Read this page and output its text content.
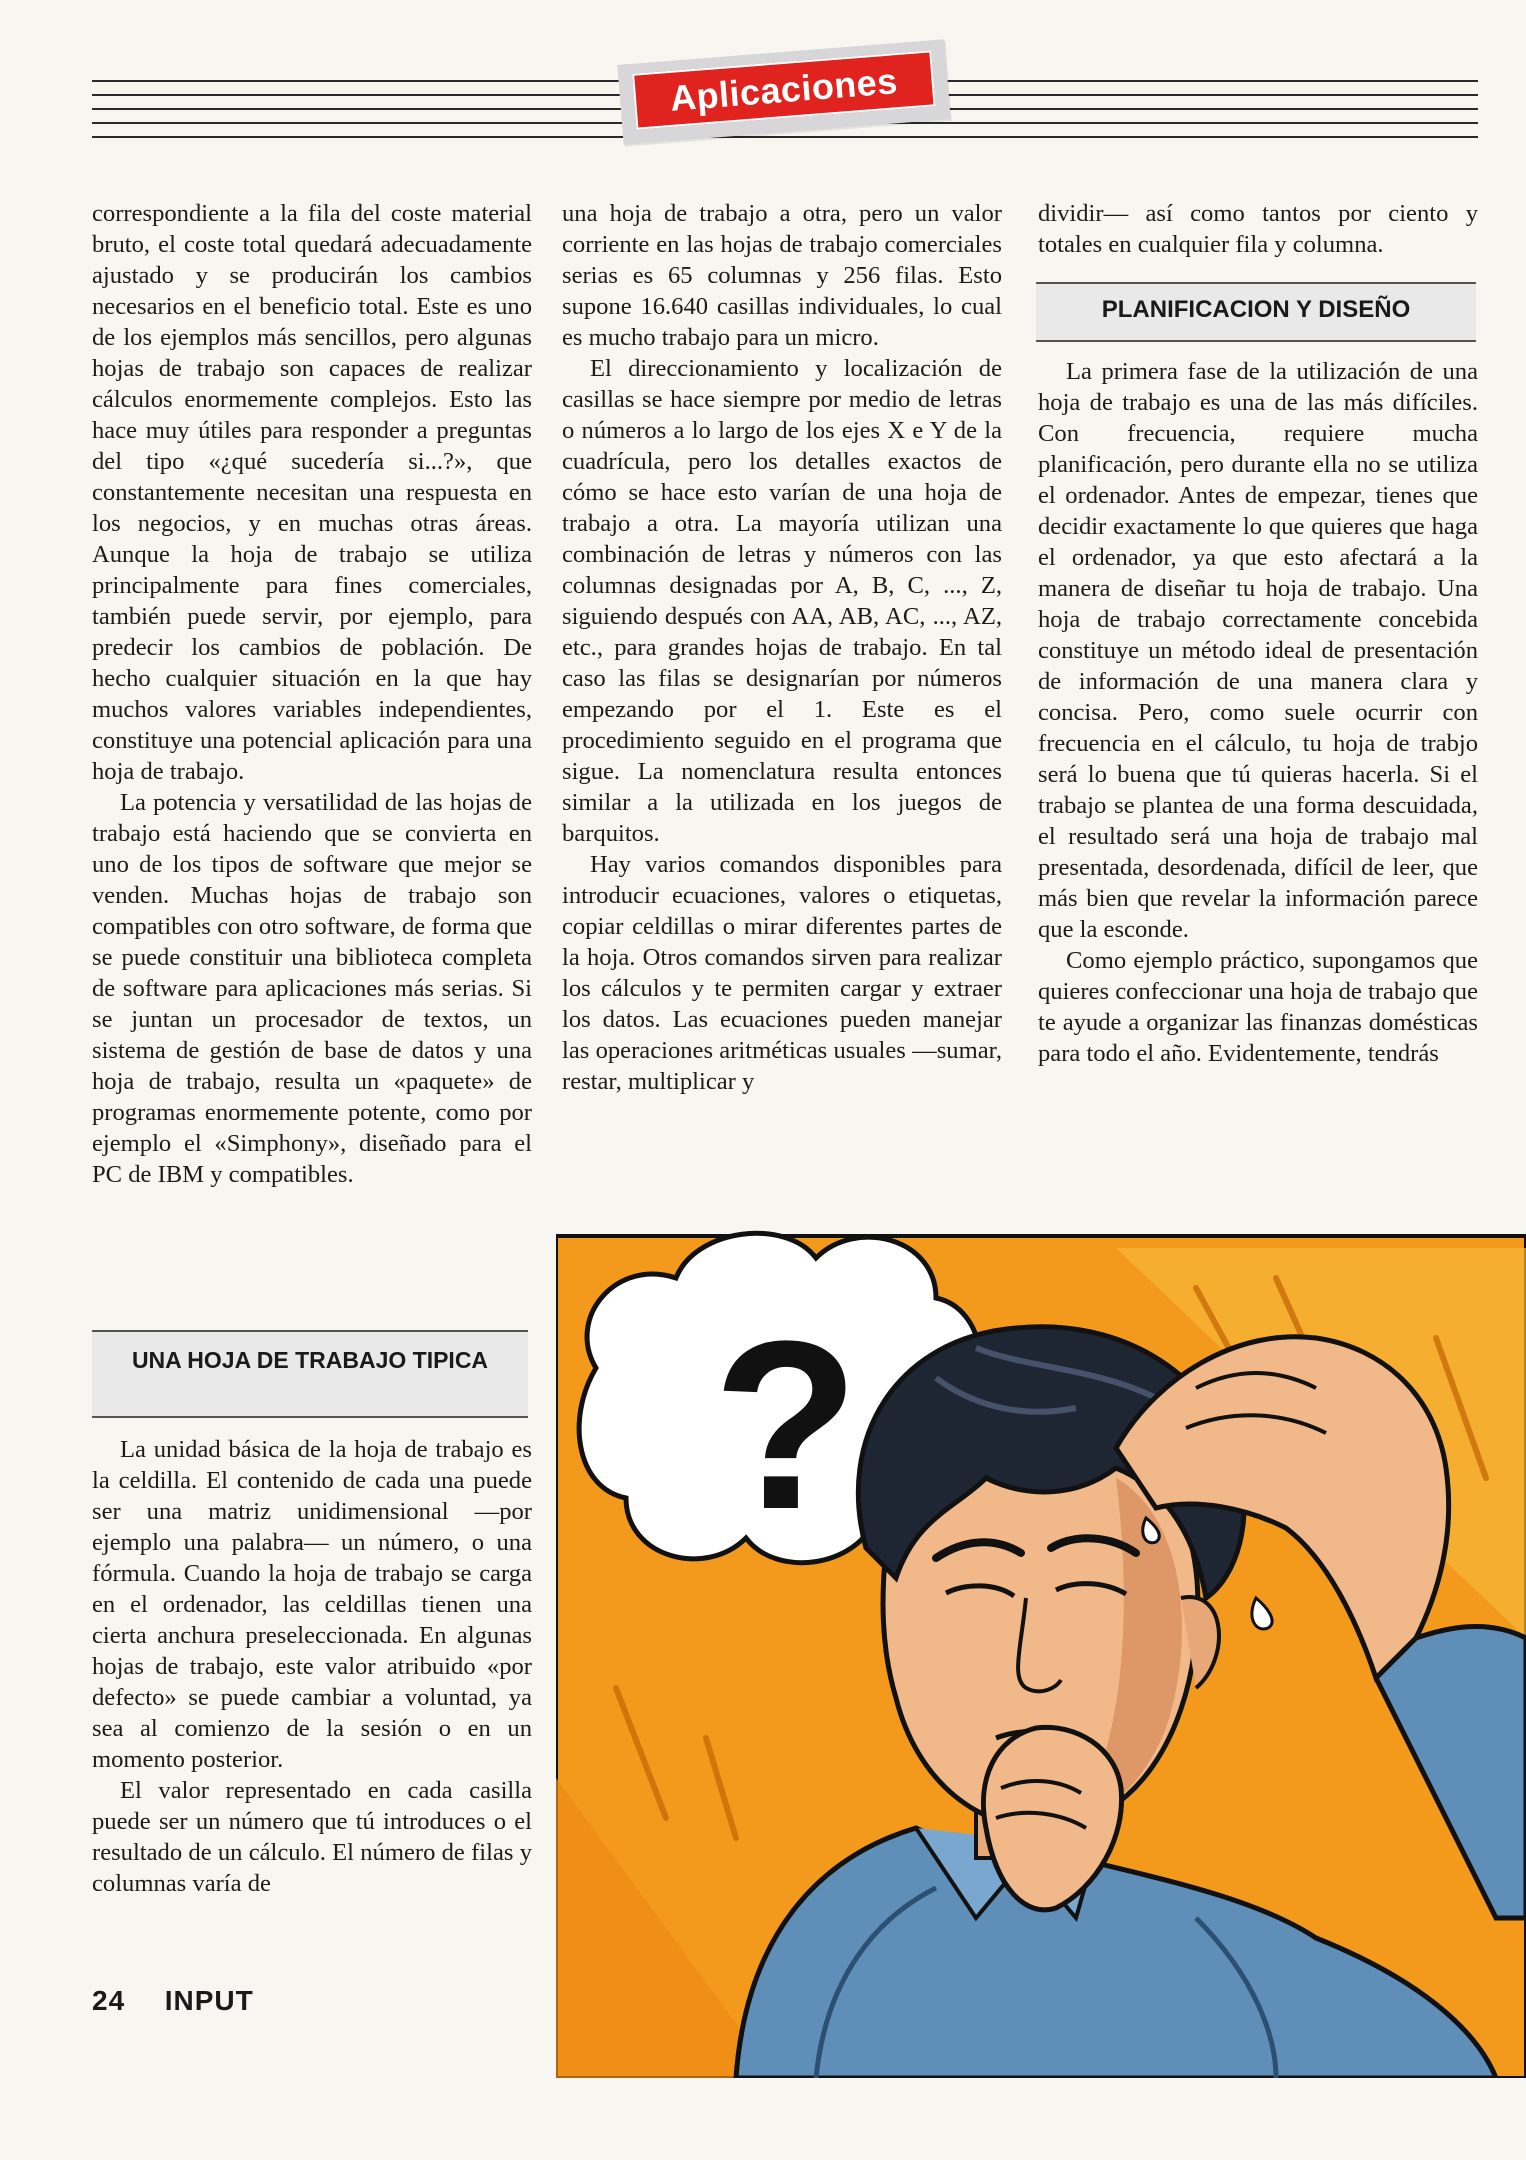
Aplicaciones

correspondiente a la fila del coste material bruto, el coste total quedará adecuadamente ajustado y se producirán los cambios necesarios en el beneficio total. Este es uno de los ejemplos más sencillos, pero algunas hojas de trabajo son capaces de realizar cálculos enormemente complejos. Esto las hace muy útiles para responder a preguntas del tipo «¿qué sucedería si...?», que constantemente necesitan una respuesta en los negocios, y en muchas otras áreas. Aunque la hoja de trabajo se utiliza principalmente para fines comerciales, también puede servir, por ejemplo, para predecir los cambios de población. De hecho cualquier situación en la que hay muchos valores variables independientes, constituye una potencial aplicación para una hoja de trabajo.

La potencia y versatilidad de las hojas de trabajo está haciendo que se convierta en uno de los tipos de software que mejor se venden. Muchas hojas de trabajo son compatibles con otro software, de forma que se puede constituir una biblioteca completa de software para aplicaciones más serias. Si se juntan un procesador de textos, un sistema de gestión de base de datos y una hoja de trabajo, resulta un «paquete» de programas enormemente potente, como por ejemplo el «Simphony», diseñado para el PC de IBM y compatibles.

UNA HOJA DE TRABAJO TIPICA

La unidad básica de la hoja de trabajo es la celdilla. El contenido de cada una puede ser una matriz unidimensional —por ejemplo una palabra— un número, o una fórmula. Cuando la hoja de trabajo se carga en el ordenador, las celdillas tienen una cierta anchura preseleccionada. En algunas hojas de trabajo, este valor atribuido «por defecto» se puede cambiar a voluntad, ya sea al comienzo de la sesión o en un momento posterior.

El valor representado en cada casilla puede ser un número que tú introduces o el resultado de un cálculo. El número de filas y columnas varía de

una hoja de trabajo a otra, pero un valor corriente en las hojas de trabajo comerciales serias es 65 columnas y 256 filas. Esto supone 16.640 casillas individuales, lo cual es mucho trabajo para un micro.

El direccionamiento y localización de casillas se hace siempre por medio de letras o números a lo largo de los ejes X e Y de la cuadrícula, pero los detalles exactos de cómo se hace esto varían de una hoja de trabajo a otra. La mayoría utilizan una combinación de letras y números con las columnas designadas por A, B, C, ..., Z, siguiendo después con AA, AB, AC, ..., AZ, etc., para grandes hojas de trabajo. En tal caso las filas se designarían por números empezando por el 1. Este es el procedimiento seguido en el programa que sigue. La nomenclatura resulta entonces similar a la utilizada en los juegos de barquitos.

Hay varios comandos disponibles para introducir ecuaciones, valores o etiquetas, copiar celdillas o mirar diferentes partes de la hoja. Otros comandos sirven para realizar los cálculos y te permiten cargar y extraer los datos. Las ecuaciones pueden manejar las operaciones aritméticas usuales —sumar, restar, multiplicar y

dividir— así como tantos por ciento y totales en cualquier fila y columna.

PLANIFICACION Y DISEÑO

La primera fase de la utilización de una hoja de trabajo es una de las más difíciles. Con frecuencia, requiere mucha planificación, pero durante ella no se utiliza el ordenador. Antes de empezar, tienes que decidir exactamente lo que quieres que haga el ordenador, ya que esto afectará a la manera de diseñar tu hoja de trabajo. Una hoja de trabajo correctamente concebida constituye un método ideal de presentación de información de una manera clara y concisa. Pero, como suele ocurrir con frecuencia en el cálculo, tu hoja de trabjo será lo buena que tú quieras hacerla. Si el trabajo se plantea de una forma descuidada, el resultado será una hoja de trabajo mal presentada, desordenada, difícil de leer, que más bien que revelar la información parece que la esconde.

Como ejemplo práctico, supongamos que quieres confeccionar una hoja de trabajo que te ayude a organizar las finanzas domésticas para todo el año. Evidentemente, tendrás

?
24 INPUT
